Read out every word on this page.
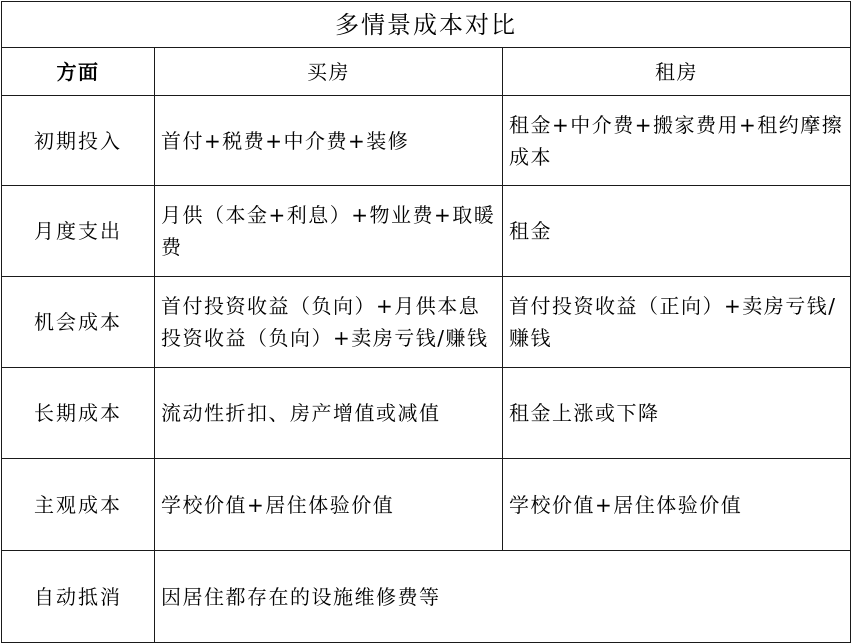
多情景成本对比		
方面	买房	租房
初期投入	首付+税费+中介费+装修	租金+中介费+搬家费用+租约摩擦成本
月度支出	月供（本金+利息）+物业费+取暖费	租金
机会成本	首付投资收益（负向）+月供本息投资收益（负向）+卖房亏钱/赚钱	首付投资收益（正向）+卖房亏钱/赚钱
长期成本	流动性折扣、房产增值或减值	租金上涨或下降
主观成本	学校价值+居住体验价值	学校价值+居住体验价值
自动抵消	因居住都存在的设施维修费等	
